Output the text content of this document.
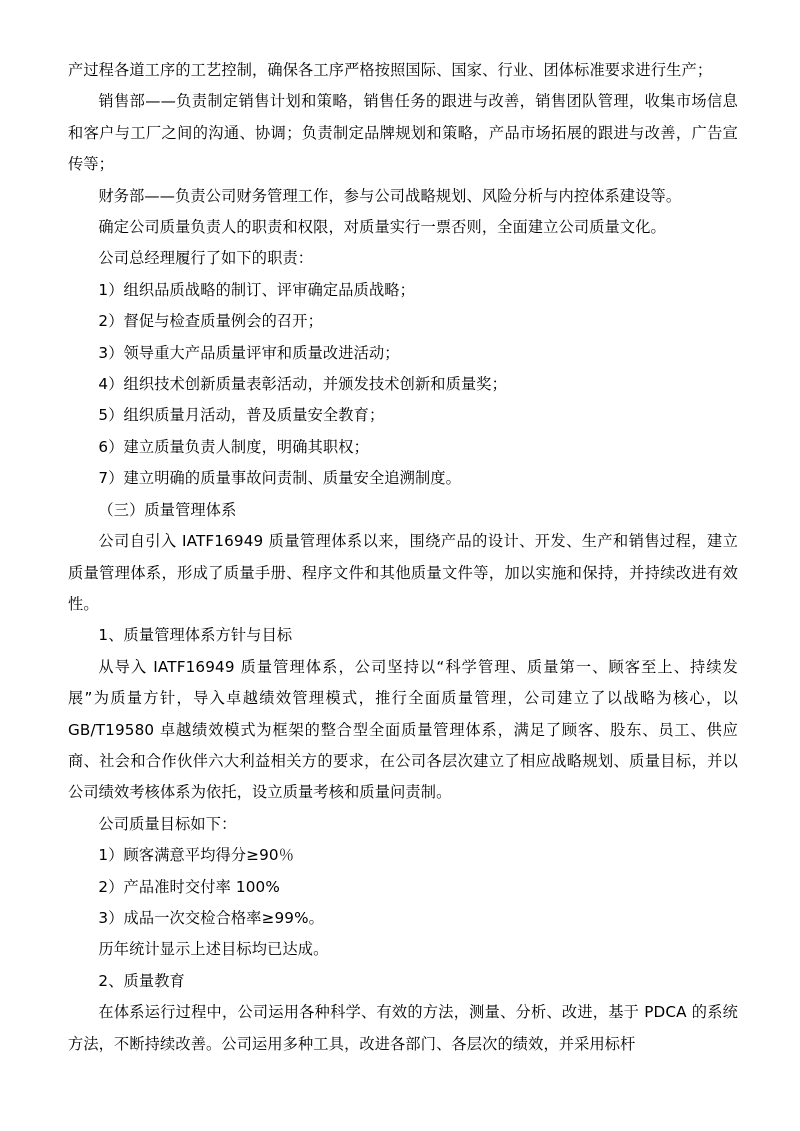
产过程各道工序的工艺控制，确保各工序严格按照国际、国家、行业、团体标准要求进行生产；

销售部——负责制定销售计划和策略，销售任务的跟进与改善，销售团队管理，收集市场信息和客户与工厂之间的沟通、协调；负责制定品牌规划和策略，产品市场拓展的跟进与改善，广告宣传等；

财务部——负责公司财务管理工作，参与公司战略规划、风险分析与内控体系建设等。

确定公司质量负责人的职责和权限，对质量实行一票否则，全面建立公司质量文化。

公司总经理履行了如下的职责：

1）组织品质战略的制订、评审确定品质战略；

2）督促与检查质量例会的召开；

3）领导重大产品质量评审和质量改进活动；

4）组织技术创新质量表彰活动，并颁发技术创新和质量奖；

5）组织质量月活动，普及质量安全教育；

6）建立质量负责人制度，明确其职权；

7）建立明确的质量事故问责制、质量安全追溯制度。

（三）质量管理体系

公司自引入 IATF16949 质量管理体系以来，围绕产品的设计、开发、生产和销售过程，建立质量管理体系，形成了质量手册、程序文件和其他质量文件等，加以实施和保持，并持续改进有效性。

1、质量管理体系方针与目标

从导入 IATF16949 质量管理体系，公司坚持以“科学管理、质量第一、顾客至上、持续发展”为质量方针，导入卓越绩效管理模式，推行全面质量管理，公司建立了以战略为核心，以 GB/T19580 卓越绩效模式为框架的整合型全面质量管理体系，满足了顾客、股东、员工、供应商、社会和合作伙伴六大利益相关方的要求，在公司各层次建立了相应战略规划、质量目标，并以公司绩效考核体系为依托，设立质量考核和质量问责制。

公司质量目标如下：

1）顾客满意平均得分≥90％

2）产品准时交付率 100%

3）成品一次交检合格率≥99%。

历年统计显示上述目标均已达成。

2、质量教育

在体系运行过程中，公司运用各种科学、有效的方法，测量、分析、改进，基于 PDCA 的系统方法，不断持续改善。公司运用多种工具，改进各部门、各层次的绩效，并采用标杆
